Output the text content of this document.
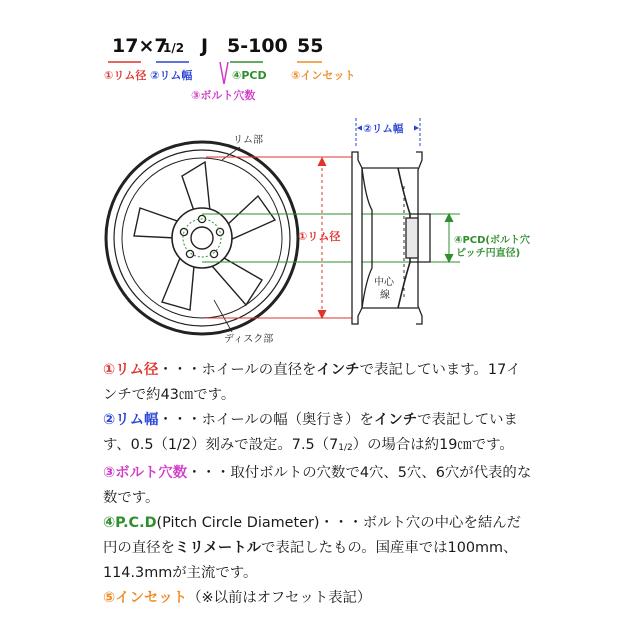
17×7
1/2 J 5-100 55
①リム径 ②リム幅
③ボルト穴数
④PCD ⑤インセット
リム部
ディスク部
①リム径	④PCD(ボルト穴
ピッチ円直径)
中心
線
②リム幅

①リム径・・・ホイールの直径をインチで表記しています。17インチで約43㎝です。

②リム幅・・・ホイールの幅（奥行き）をインチで表記しています、0.5（1/2）刻みで設定。$7.5(7_{1/2})$の場合は約19㎝です。

③ボルト穴数・・・取付ボルトの穴数で4穴、5穴、6穴が代表的な数です。

④P.C.D(Pitch Circle Diameter)・・・ボルト穴の中心を結んだ円の直径をミリメートルで表記したもの。国産車では100mm、114.3mmが主流です。

⑤インセット（※以前はオフセット表記）
